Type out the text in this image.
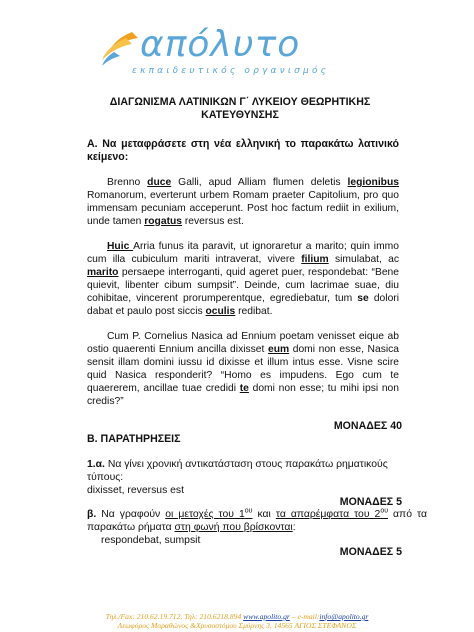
απόλυτο
εκπαιδευτικός οργανισμός
ΔΙΑΓΩΝΙΣΜΑ ΛΑΤΙΝΙΚΩΝ Γ΄ ΛΥΚΕΙΟΥ ΘΕΩΡΗΤΙΚΗΣ
ΚΑΤΕΥΘΥΝΣΗΣ
Α. Να μεταφράσετε στη νέα ελληνική το παρακάτω λατινικό κείμενο:
Brenno duce Galli, apud Alliam flumen deletis legionibus Romanorum, everterunt urbem Romam praeter Capitolium, pro quo immensam pecuniam acceperunt. Post hoc factum rediit in exilium, unde tamen rogatus reversus est.
Huic Arria funus ita paravit, ut ignoraretur a marito; quin immo cum illa cubiculum mariti intraverat, vivere filium simulabat, ac marito persaepe interroganti, quid ageret puer, respondebat: “Bene quievit, libenter cibum sumpsit”. Deinde, cum lacrimae suae, diu cohibitae, vincerent prorumperentque, egrediebatur, tum se dolori dabat et paulo post siccis oculis redibat.
Cum P. Cornelius Nasica ad Ennium poetam venisset eique ab ostio quaerenti Ennium ancilla dixisset eum domi non esse, Nasica sensit illam domini iussu id dixisse et illum intus esse. Visne scire quid Nasica responderit? “Homo es impudens. Ego cum te quaererem, ancillae tuae credidi te domi non esse; tu mihi ipsi non credis?”
ΜΟΝΑΔΕΣ 40
Β. ΠΑΡΑΤΗΡΗΣΕΙΣ
1.α. Να γίνει χρονική αντικατάσταση στους παρακάτω ρηματικούς τύπους:
dixisset, reversus est
ΜΟΝΑΔΕΣ 5
β. Να γραφούν οι μετοχές του $1^{o\upsilon}$ και τα απαρέμφατα του $2^{o\upsilon}$ από τα παρακάτω ρήματα στη φωνή που βρίσκονται:
respondebat, sumpsit
ΜΟΝΑΔΕΣ 5
Τηλ./Fax: 210.62.19.712, Τηλ: 210.6218.894 www.apolito.gr – e-mail:info@apolito.gr
Λεωφόρος Μαραθώνος &Χρυσοστόμου Σμύρνης 3, 14565 ΑΓΙΟΣ ΣΤΕΦΑΝΟΣ
